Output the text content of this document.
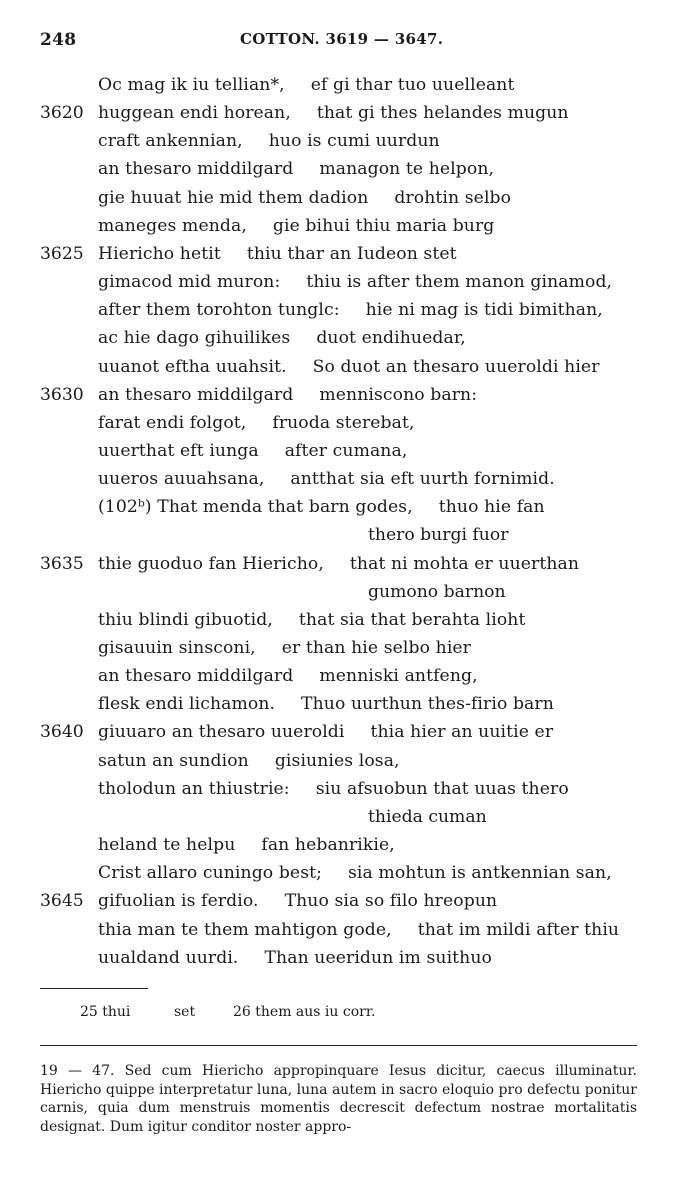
248	COTTON. 3619 — 3647.
Oc mag ik iu tellian*,   ef gi thar tuo uuelleant
3620 huggean endi horean,   that gi thes helandes mugun
craft ankennian,   huo is cumi uurdun
an thesaro middilgard   managon te helpon,
gie huuat hie mid them dadion   drohtin selbo
maneges menda,   gie bihui thiu maria burg
3625 Hiericho hetit   thiu thar an Iudeon stet
gimacod mid muron:   thiu is after them manon ginamod,
after them torohton tunglc:   hie ni mag is tidi bimithan,
ac hie dago gihuilikes   duot endihuedar,
uuanot eftha uuahsit.   So duot an thesaro uueroldi hier
3630 an thesaro middilgard   menniscono barn:
farat endi folgot,   fruoda sterebat,
uuerthat eft iunga   after cumana,
uueros auuahsana,   antthat sia eft uurth fornimid.
(102ᵇ) That menda that barn godes,   thuo hie fan
thero burgi fuor
3635 thie guoduo fan Hiericho,   that ni mohta er uuerthan
gumono barnon
thiu blindi gibuotid,   that sia that berahta lioht
gisauuin sinsconi,   er than hie selbo hier
an thesaro middilgard   menniski antfeng,
flesk endi lichamon.   Thuo uurthun thes-firio barn
3640 giuuaro an thesaro uueroldi   thia hier an uuitie er
satun an sundion   gisiunies losa,
tholodun an thiustrie:   siu afsuobun that uuas thero
thieda cuman
heland te helpu   fan hebanrikie,
Crist allaro cuningo best;   sia mohtun is antkennian san,
3645 gifuolian is ferdio.   Thuo sia so filo hreopun
thia man te them mahtigon gode,   that im mildi after thiu
uualdand uurdi.   Than ueeridun im suithuo
25 thui	set	26 them aus iu corr.
19 — 47. Sed cum Hiericho appropinquare Iesus dicitur, caecus illuminatur. Hiericho quippe interpretatur luna, luna autem in sacro eloquio pro defectu ponitur carnis, quia dum menstruis momentis decrescit defectum nostrae mortalitatis designat. Dum igitur conditor noster appro-
